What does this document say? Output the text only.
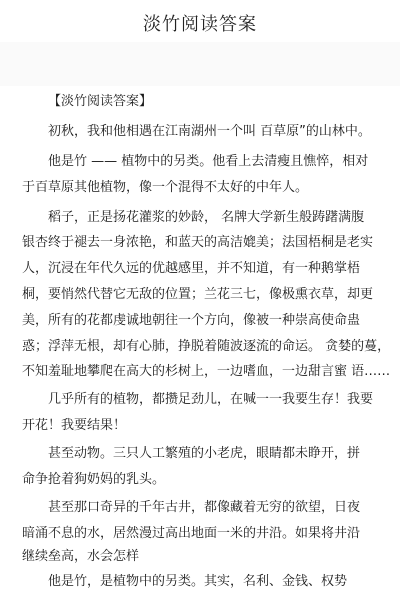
淡竹阅读答案
【淡竹阅读答案】
初秋，我和他相遇在江南湖州一个叫 百草原”的山林中。
他是竹 —— 植物中的另类。他看上去清瘦且憔悴，相对
于百草原其他植物，像一个混得不太好的中年人。
稻子，正是扬花灌浆的妙龄， 名牌大学新生般踌躇满腹
银杏终于褪去一身浓艳，和蓝天的高洁媲美；法国梧桐是老实
人，沉浸在年代久远的优越感里，并不知道，有一种鹅掌梧
桐，要悄然代替它无敌的位置；兰花三七，像极熏衣草，却更
美，所有的花都虔诚地朝往一个方向，像被一种崇高使命蛊
惑；浮萍无根，却有心肺，挣脱着随波逐流的命运。 贪婪的蔓，
不知羞耻地攀爬在高大的杉树上，一边嗜血，一边甜言蜜 语……
几乎所有的植物，都攒足劲儿，在喊一一我要生存！我要
开花！我要结果！
甚至动物。三只人工繁殖的小老虎，眼睛都未睁开，拼
命争抢着狗奶妈的乳头。
甚至那口奇异的千年古井，都像藏着无穷的欲望，日夜
暗涌不息的水，居然漫过高出地面一米的井沿。如果将井沿
继续垒高，水会怎样
他是竹，是植物中的另类。其实，名利、金钱、权势
